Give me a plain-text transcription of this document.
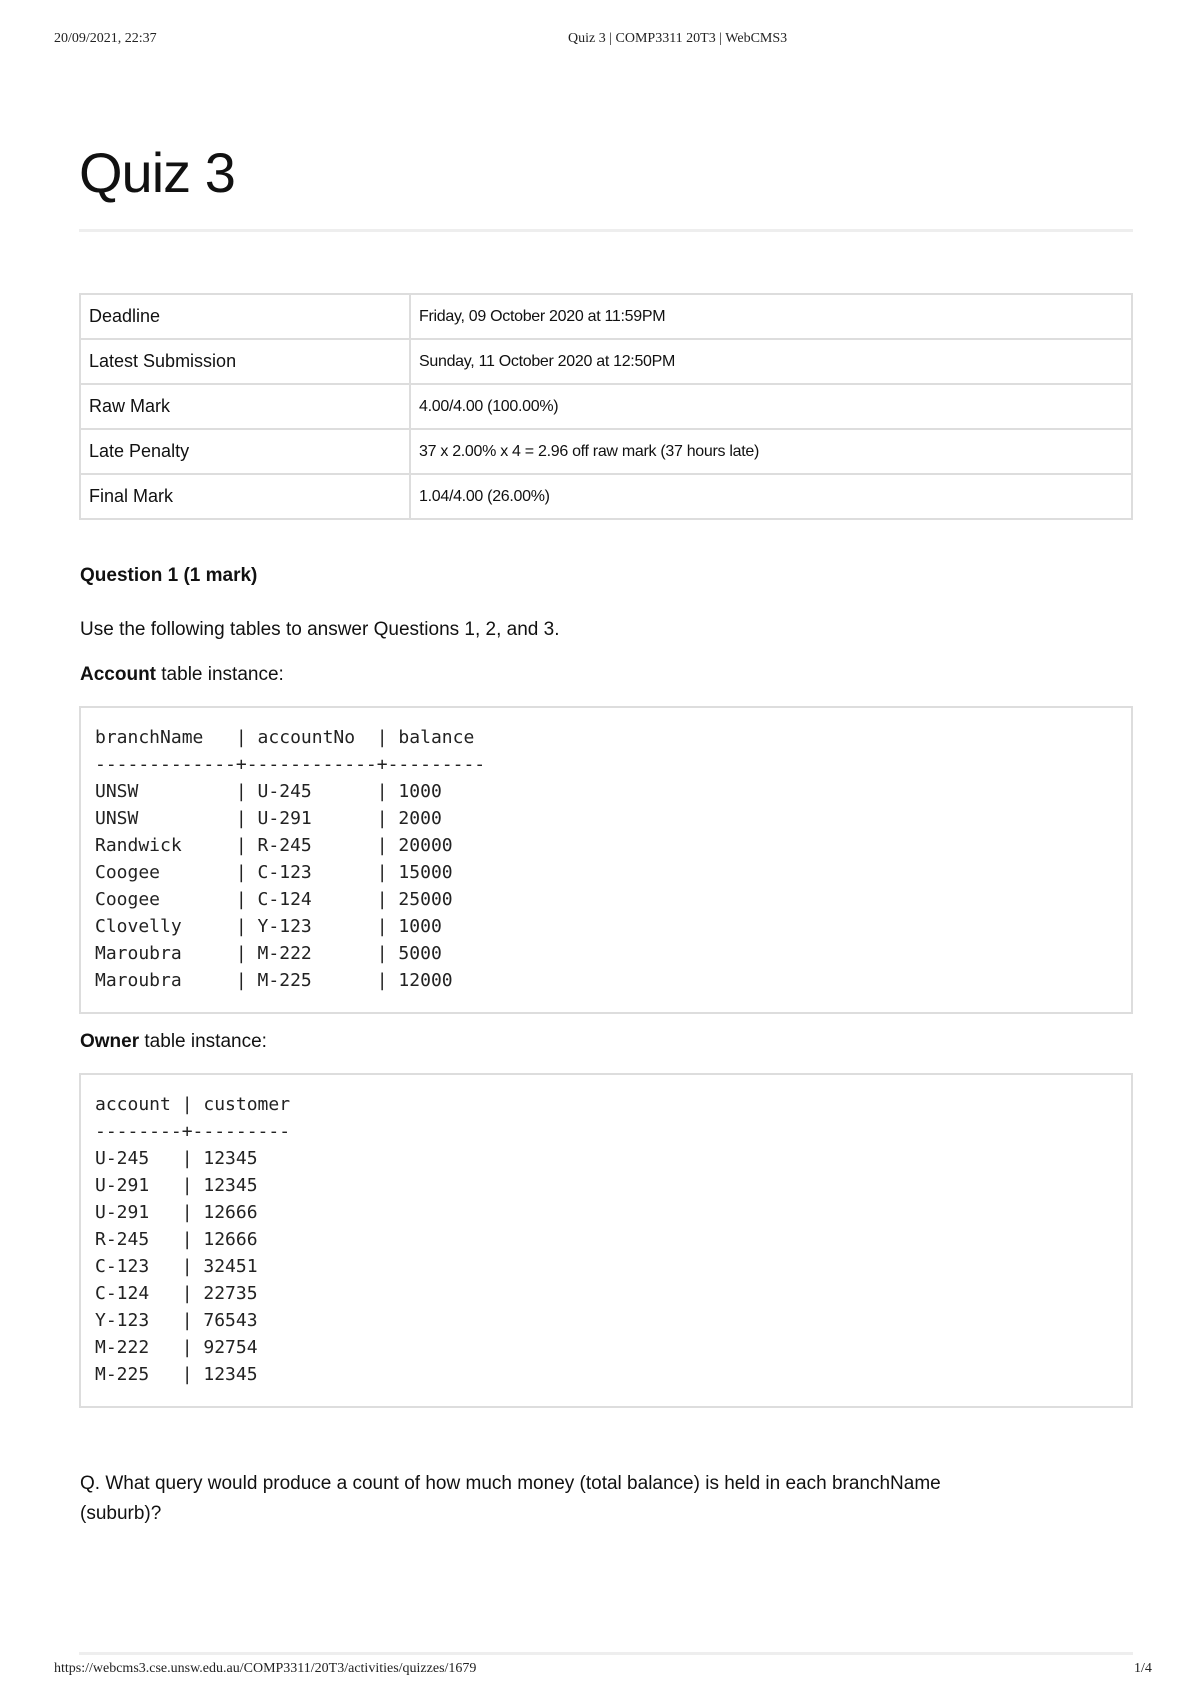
20/09/2021, 22:37	Quiz 3 | COMP3311 20T3 | WebCMS3
Quiz 3
Deadline	Friday, 09 October 2020 at 11:59PM
Latest Submission	Sunday, 11 October 2020 at 12:50PM
Raw Mark	4.00/4.00 (100.00%)
Late Penalty	37 x 2.00% x 4 = 2.96 off raw mark (37 hours late)
Final Mark	1.04/4.00 (26.00%)
Question 1 (1 mark)
Use the following tables to answer Questions 1, 2, and 3.
Account table instance:
branchName   | accountNo  | balance
-------------+------------+---------
UNSW         | U-245      | 1000
UNSW         | U-291      | 2000
Randwick     | R-245      | 20000
Coogee       | C-123      | 15000
Coogee       | C-124      | 25000
Clovelly     | Y-123      | 1000
Maroubra     | M-222      | 5000
Maroubra     | M-225      | 12000
Owner table instance:
account | customer
--------+---------
U-245   | 12345
U-291   | 12345
U-291   | 12666
R-245   | 12666
C-123   | 32451
C-124   | 22735
Y-123   | 76543
M-222   | 92754
M-225   | 12345
Q. What query would produce a count of how much money (total balance) is held in each branchName
(suburb)?
https://webcms3.cse.unsw.edu.au/COMP3311/20T3/activities/quizzes/1679	1/4
